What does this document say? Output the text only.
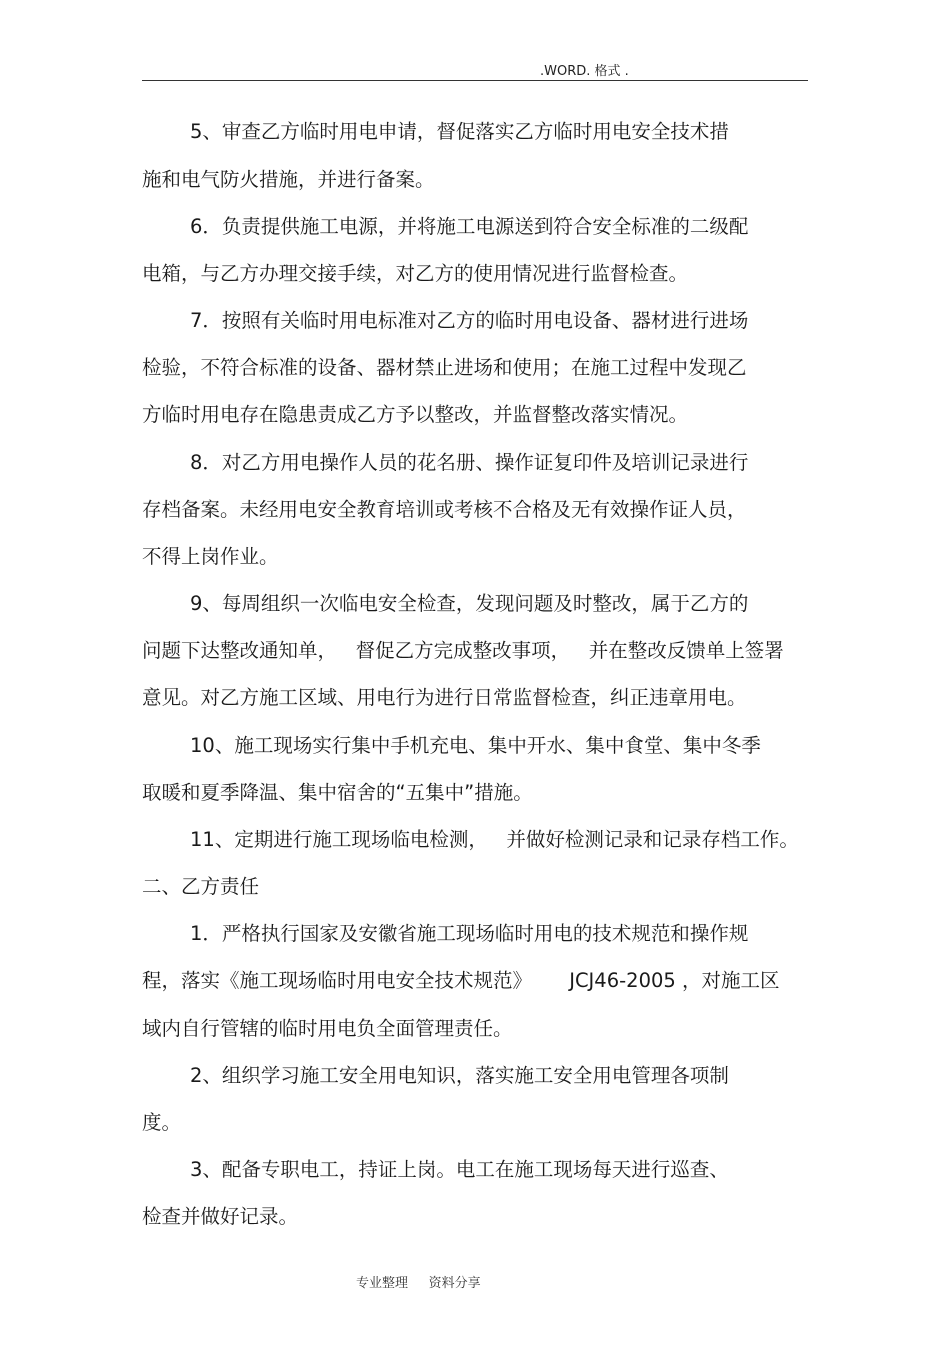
.WORD. 格式 .
5、审查乙方临时用电申请，督促落实乙方临时用电安全技术措
施和电气防火措施，并进行备案。
6．负责提供施工电源，并将施工电源送到符合安全标准的二级配
电箱，与乙方办理交接手续，对乙方的使用情况进行监督检查。
7．按照有关临时用电标准对乙方的临时用电设备、器材进行进场
检验，不符合标准的设备、器材禁止进场和使用；在施工过程中发现乙
方临时用电存在隐患责成乙方予以整改，并监督整改落实情况。
8．对乙方用电操作人员的花名册、操作证复印件及培训记录进行
存档备案。未经用电安全教育培训或考核不合格及无有效操作证人员，
不得上岗作业。
9、每周组织一次临电安全检查，发现问题及时整改，属于乙方的
问题下达整改通知单，   督促乙方完成整改事项，   并在整改反馈单上签署
意见。对乙方施工区域、用电行为进行日常监督检查，纠正违章用电。
10、施工现场实行集中手机充电、集中开水、集中食堂、集中冬季
取暖和夏季降温、集中宿舍的“五集中”措施。
11、定期进行施工现场临电检测，   并做好检测记录和记录存档工作。
二、乙方责任
1．严格执行国家及安徽省施工现场临时用电的技术规范和操作规
程，落实《施工现场临时用电安全技术规范》      JCJ46-2005 ，对施工区
域内自行管辖的临时用电负全面管理责任。
2、组织学习施工安全用电知识，落实施工安全用电管理各项制
度。
3、配备专职电工，持证上岗。电工在施工现场每天进行巡查、
检查并做好记录。
专业整理     资料分享
